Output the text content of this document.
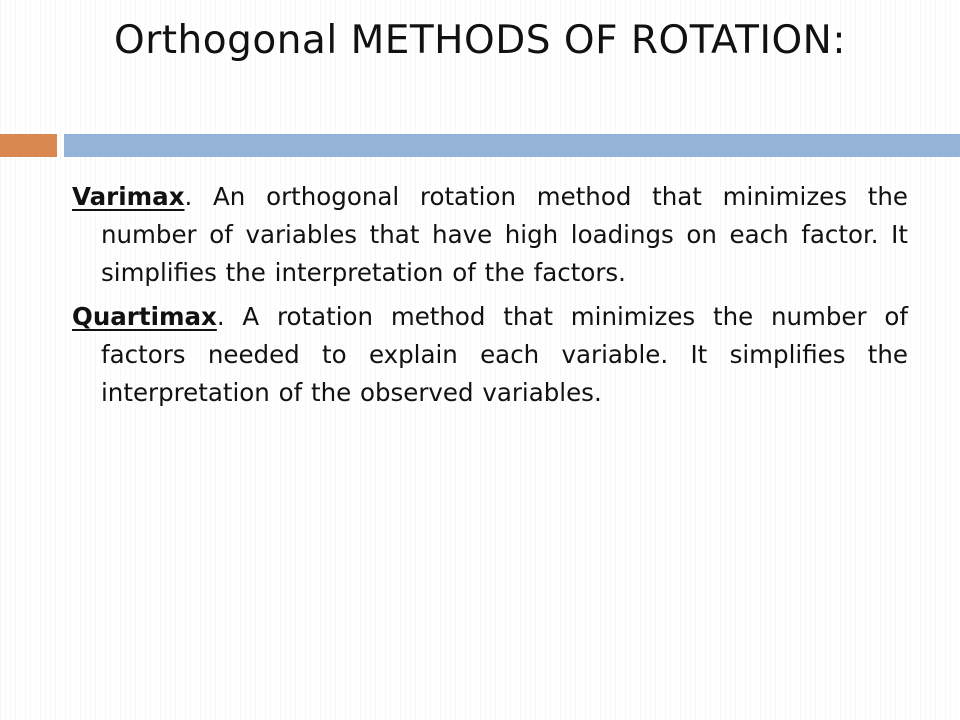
Orthogonal METHODS OF ROTATION:

Varimax. An orthogonal rotation method that minimizes the number of variables that have high loadings on each factor. It simplifies the interpretation of the factors.

Quartimax. A rotation method that minimizes the number of factors needed to explain each variable. It simplifies the interpretation of the observed variables.
